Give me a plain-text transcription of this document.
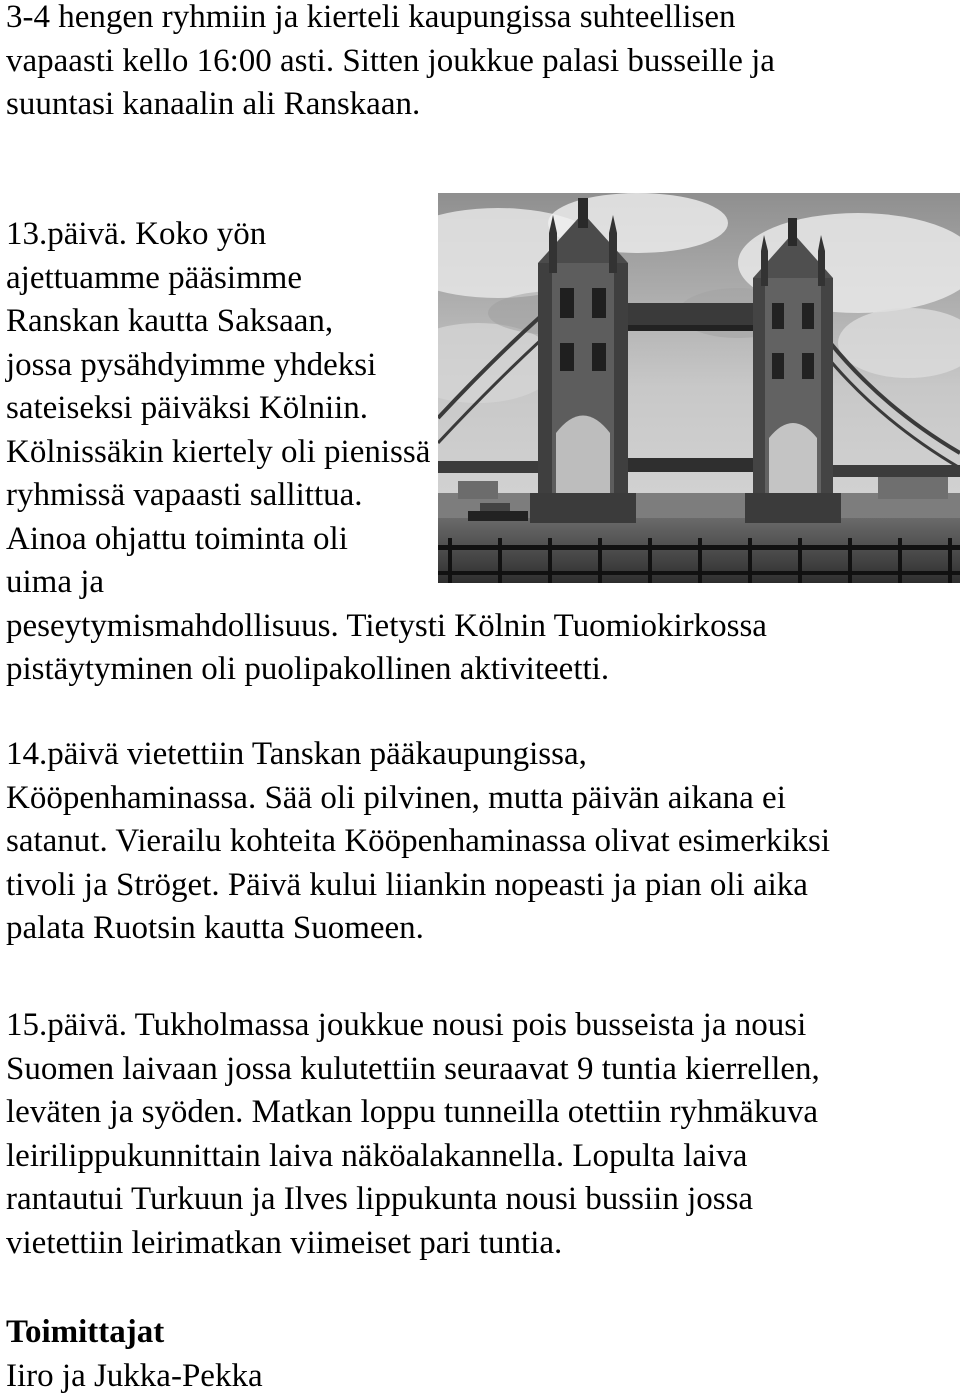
3-4 hengen ryhmiin ja kierteli kaupungissa suhteellisen
vapaasti kello 16:00 asti. Sitten joukkue palasi busseille ja
suuntasi kanaalin ali Ranskaan.
13.päivä. Koko yön
ajettuamme pääsimme
Ranskan kautta Saksaan,
jossa pysähdyimme yhdeksi
sateiseksi päiväksi Kölniin.
Kölnissäkin kiertely oli pienissä
ryhmissä vapaasti sallittua.
Ainoa ohjattu toiminta oli
uima ja
peseytymismahdollisuus. Tietysti Kölnin Tuomiokirkossa
pistäytyminen oli puolipakollinen aktiviteetti.
14.päivä vietettiin Tanskan pääkaupungissa,
Kööpenhaminassa. Sää oli pilvinen, mutta päivän aikana ei
satanut. Vierailu kohteita Kööpenhaminassa olivat esimerkiksi
tivoli ja Ströget. Päivä kului liiankin nopeasti ja pian oli aika
palata Ruotsin kautta Suomeen.
15.päivä. Tukholmassa joukkue nousi pois busseista ja nousi
Suomen laivaan jossa kulutettiin seuraavat 9 tuntia kierrellen,
leväten ja syöden. Matkan loppu tunneilla otettiin ryhmäkuva
leirilippukunnittain laiva näköalakannella. Lopulta laiva
rantautui Turkuun ja Ilves lippukunta nousi bussiin jossa
vietettiin leirimatkan viimeiset pari tuntia.
Toimittajat
Iiro ja Jukka-Pekka
